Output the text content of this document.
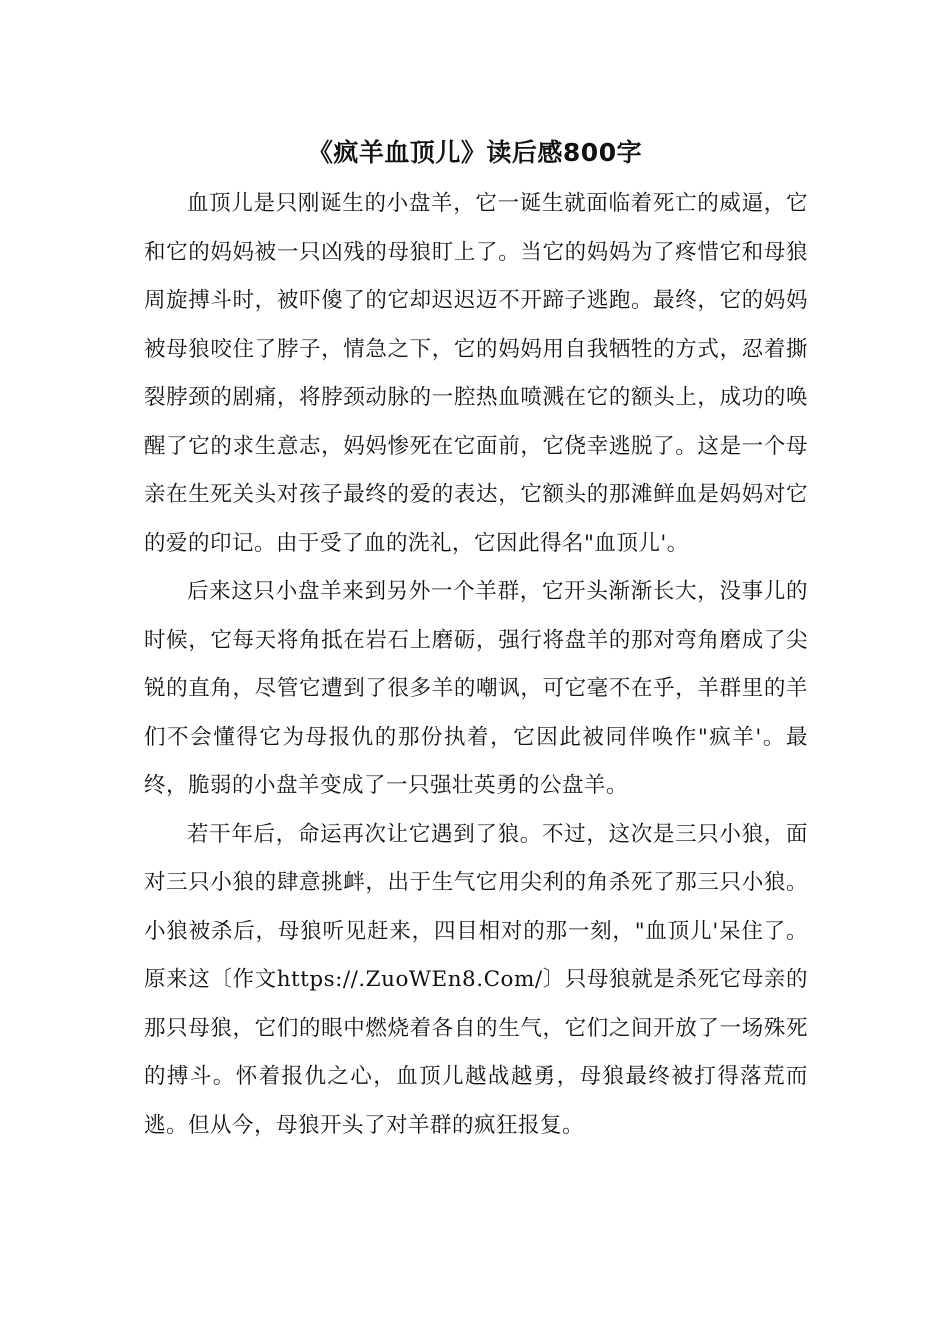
《疯羊血顶儿》读后感800字

血顶儿是只刚诞生的小盘羊，它一诞生就面临着死亡的威逼，它和它的妈妈被一只凶残的母狼盯上了。当它的妈妈为了疼惜它和母狼周旋搏斗时，被吓傻了的它却迟迟迈不开蹄子逃跑。最终，它的妈妈被母狼咬住了脖子，情急之下，它的妈妈用自我牺牲的方式，忍着撕裂脖颈的剧痛，将脖颈动脉的一腔热血喷溅在它的额头上，成功的唤醒了它的求生意志，妈妈惨死在它面前，它侥幸逃脱了。这是一个母亲在生死关头对孩子最终的爱的表达，它额头的那滩鲜血是妈妈对它的爱的印记。由于受了血的洗礼，它因此得名"血顶儿'。

后来这只小盘羊来到另外一个羊群，它开头渐渐长大，没事儿的时候，它每天将角抵在岩石上磨砺，强行将盘羊的那对弯角磨成了尖锐的直角，尽管它遭到了很多羊的嘲讽，可它毫不在乎，羊群里的羊们不会懂得它为母报仇的那份执着，它因此被同伴唤作"疯羊'。最终，脆弱的小盘羊变成了一只强壮英勇的公盘羊。

若干年后，命运再次让它遇到了狼。不过，这次是三只小狼，面对三只小狼的肆意挑衅，出于生气它用尖利的角杀死了那三只小狼。小狼被杀后，母狼听见赶来，四目相对的那一刻，"血顶儿'呆住了。原来这〔作文https://.ZuoWEn8.Com/〕只母狼就是杀死它母亲的那只母狼，它们的眼中燃烧着各自的生气，它们之间开放了一场殊死的搏斗。怀着报仇之心，血顶儿越战越勇，母狼最终被打得落荒而逃。但从今，母狼开头了对羊群的疯狂报复。
